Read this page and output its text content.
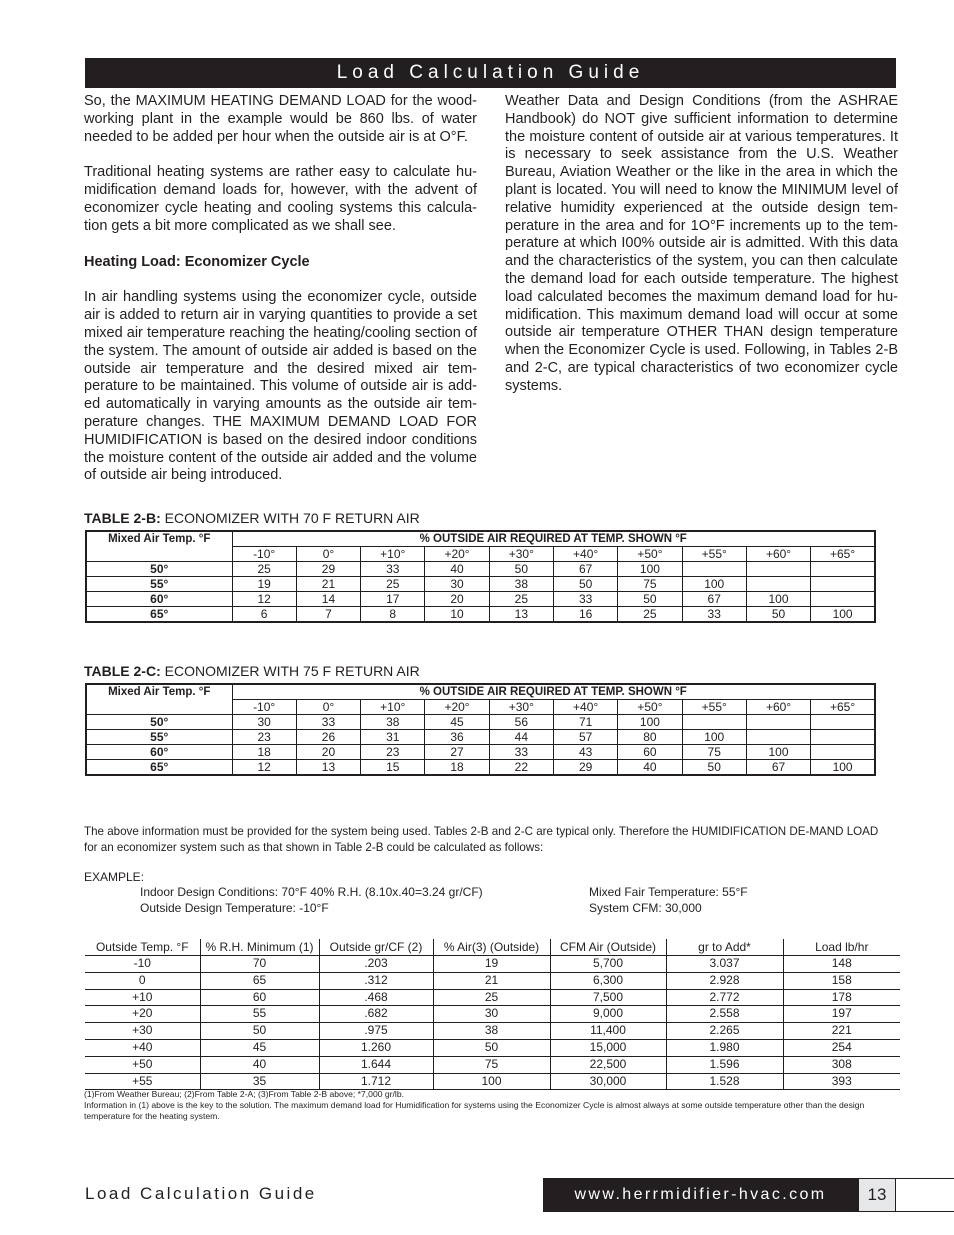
Load Calculation Guide

So, the MAXIMUM HEATING DEMAND LOAD for the wood-working plant in the example would be 860 lbs. of water needed to be added per hour when the outside air is at O°F.

Traditional heating systems are rather easy to calculate hu-midification demand loads for, however, with the advent of economizer cycle heating and cooling systems this calcula-tion gets a bit more complicated as we shall see.

Heating Load: Economizer Cycle

In air handling systems using the economizer cycle, outside air is added to return air in varying quantities to provide a set mixed air temperature reaching the heating/cooling section of the system. The amount of outside air added is based on the outside air temperature and the desired mixed air tem-perature to be maintained. This volume of outside air is add-ed automatically in varying amounts as the outside air tem-perature changes. THE MAXIMUM DEMAND LOAD FOR HUMIDIFICATION is based on the desired indoor conditions the moisture content of the outside air added and the volume of outside air being introduced.

Weather Data and Design Conditions (from the ASHRAE Handbook) do NOT give sufficient information to determine the moisture content of outside air at various temperatures. It is necessary to seek assistance from the U.S. Weather Bureau, Aviation Weather or the like in the area in which the plant is located. You will need to know the MINIMUM level of relative humidity experienced at the outside design tem-perature in the area and for 1O°F increments up to the tem-perature at which I00% outside air is admitted. With this data and the characteristics of the system, you can then calculate the demand load for each outside temperature. The highest load calculated becomes the maximum demand load for hu-midification. This maximum demand load will occur at some outside air temperature OTHER THAN design temperature when the Economizer Cycle is used. Following, in Tables 2-B and 2-C, are typical characteristics of two economizer cycle systems.

TABLE 2-B: ECONOMIZER WITH 70 F RETURN AIR
Mixed Air Temp. °F	% OUTSIDE AIR REQUIRED AT TEMP. SHOWN °F									
	-10°	0°	+10°	+20°	+30°	+40°	+50°	+55°	+60°	+65°
50°	25	29	33	40	50	67	100			
55°	19	21	25	30	38	50	75	100		
60°	12	14	17	20	25	33	50	67	100	
65°	6	7	8	10	13	16	25	33	50	100
TABLE 2-C: ECONOMIZER WITH 75 F RETURN AIR
Mixed Air Temp. °F	% OUTSIDE AIR REQUIRED AT TEMP. SHOWN °F									
	-10°	0°	+10°	+20°	+30°	+40°	+50°	+55°	+60°	+65°
50°	30	33	38	45	56	71	100			
55°	23	26	31	36	44	57	80	100		
60°	18	20	23	27	33	43	60	75	100	
65°	12	13	15	18	22	29	40	50	67	100
The above information must be provided for the system being used. Tables 2-B and 2-C are typical only. Therefore the HUMIDIFICATION DE-MAND LOAD for an economizer system such as that shown in Table 2-B could be calculated as follows:
EXAMPLE:
Indoor Design Conditions: 70°F 40% R.H. (8.10x.40=3.24 gr/CF)
Outside Design Temperature: -10°F
Mixed Fair Temperature: 55°F
System CFM: 30,000
Outside Temp. °F	% R.H. Minimum (1)	Outside gr/CF (2)	% Air(3) (Outside)	CFM Air (Outside)	gr to Add*	Load lb/hr
-10	70	.203	19	5,700	3.037	148
0	65	.312	21	6,300	2.928	158
+10	60	.468	25	7,500	2.772	178
+20	55	.682	30	9,000	2.558	197
+30	50	.975	38	11,400	2.265	221
+40	45	1.260	50	15,000	1.980	254
+50	40	1.644	75	22,500	1.596	308
+55	35	1.712	100	30,000	1.528	393
(1)From Weather Bureau; (2)From Table 2-A; (3)From Table 2-B above; *7,000 gr/lb.
Information in (1) above is the key to the solution. The maximum demand load for Humidification for systems using the Economizer Cycle is almost always at some outside temperature other than the design temperature for the heating system.
Load Calculation Guide	www.herrmidifier-hvac.com	13
